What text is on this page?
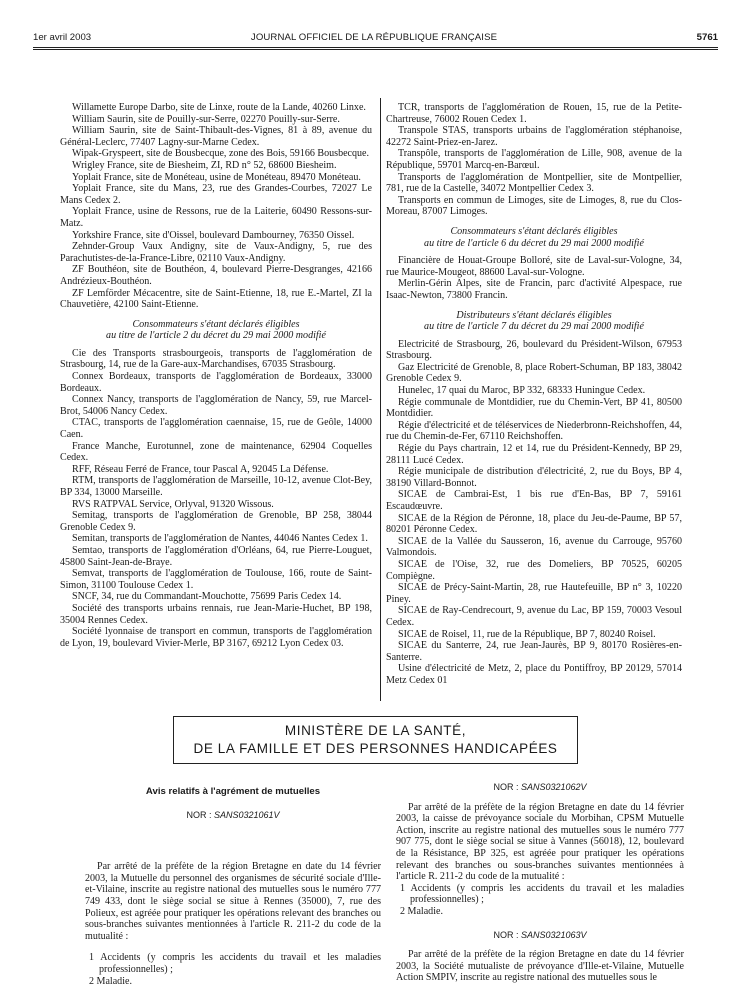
1er avril 2003	JOURNAL OFFICIEL DE LA RÉPUBLIQUE FRANÇAISE	5761

Willamette Europe Darbo, site de Linxe, route de la Lande, 40260 Linxe.

William Saurin, site de Pouilly-sur-Serre, 02270 Pouilly-sur-Serre.

William Saurin, site de Saint-Thibault-des-Vignes, 81 à 89, avenue du Général-Leclerc, 77407 Lagny-sur-Marne Cedex.

Wipak-Gryspeert, site de Bousbecque, zone des Bois, 59166 Bousbecque.

Wrigley France, site de Biesheim, ZI, RD n° 52, 68600 Biesheim.

Yoplait France, site de Monéteau, usine de Monéteau, 89470 Monéteau.

Yoplait France, site du Mans, 23, rue des Grandes-Courbes, 72027 Le Mans Cedex 2.

Yoplait France, usine de Ressons, rue de la Laiterie, 60490 Ressons-sur-Matz.

Yorkshire France, site d'Oissel, boulevard Dambourney, 76350 Oissel.

Zehnder-Group Vaux Andigny, site de Vaux-Andigny, 5, rue des Parachutistes-de-la-France-Libre, 02110 Vaux-Andigny.

ZF Bouthéon, site de Bouthéon, 4, boulevard Pierre-Desgranges, 42166 Andrézieux-Bouthéon.

ZF Lemförder Mécacentre, site de Saint-Etienne, 18, rue E.-Martel, ZI la Chauvetière, 42100 Saint-Etienne.

Consommateurs s'étant déclarés éligibles

au titre de l'article 2 du décret du 29 mai 2000 modifié

Cie des Transports strasbourgeois, transports de l'agglomération de Strasbourg, 14, rue de la Gare-aux-Marchandises, 67035 Strasbourg.

Connex Bordeaux, transports de l'agglomération de Bordeaux, 33000 Bordeaux.

Connex Nancy, transports de l'agglomération de Nancy, 59, rue Marcel-Brot, 54006 Nancy Cedex.

CTAC, transports de l'agglomération caennaise, 15, rue de Geôle, 14000 Caen.

France Manche, Eurotunnel, zone de maintenance, 62904 Coquelles Cedex.

RFF, Réseau Ferré de France, tour Pascal A, 92045 La Défense.

RTM, transports de l'agglomération de Marseille, 10-12, avenue Clot-Bey, BP 334, 13000 Marseille.

RVS RATPVAL Service, Orlyval, 91320 Wissous.

Semitag, transports de l'agglomération de Grenoble, BP 258, 38044 Grenoble Cedex 9.

Semitan, transports de l'agglomération de Nantes, 44046 Nantes Cedex 1.

Semtao, transports de l'agglomération d'Orléans, 64, rue Pierre-Louguet, 45800 Saint-Jean-de-Braye.

Semvat, transports de l'agglomération de Toulouse, 166, route de Saint-Simon, 31100 Toulouse Cedex 1.

SNCF, 34, rue du Commandant-Mouchotte, 75699 Paris Cedex 14.

Société des transports urbains rennais, rue Jean-Marie-Huchet, BP 198, 35004 Rennes Cedex.

Société lyonnaise de transport en commun, transports de l'agglomération de Lyon, 19, boulevard Vivier-Merle, BP 3167, 69212 Lyon Cedex 03.

TCR, transports de l'agglomération de Rouen, 15, rue de la Petite-Chartreuse, 76002 Rouen Cedex 1.

Transpole STAS, transports urbains de l'agglomération stéphanoise, 42272 Saint-Priez-en-Jarez.

Transpôle, transports de l'agglomération de Lille, 908, avenue de la République, 59701 Marcq-en-Barœul.

Transports de l'agglomération de Montpellier, site de Montpellier, 781, rue de la Castelle, 34072 Montpellier Cedex 3.

Transports en commun de Limoges, site de Limoges, 8, rue du Clos-Moreau, 87007 Limoges.

Consommateurs s'étant déclarés éligibles

au titre de l'article 6 du décret du 29 mai 2000 modifié

Financière de Houat-Groupe Bolloré, site de Laval-sur-Vologne, 34, rue Maurice-Mougeot, 88600 Laval-sur-Vologne.

Merlin-Gérin Alpes, site de Francin, parc d'activité Alpespace, rue Isaac-Newton, 73800 Francin.

Distributeurs s'étant déclarés éligibles

au titre de l'article 7 du décret du 29 mai 2000 modifié

Electricité de Strasbourg, 26, boulevard du Président-Wilson, 67953 Strasbourg.

Gaz Electricité de Grenoble, 8, place Robert-Schuman, BP 183, 38042 Grenoble Cedex 9.

Hunelec, 17 quai du Maroc, BP 332, 68333 Huningue Cedex.

Régie communale de Montdidier, rue du Chemin-Vert, BP 41, 80500 Montdidier.

Régie d'électricité et de téléservices de Niederbronn-Reichshoffen, 44, rue du Chemin-de-Fer, 67110 Reichshoffen.

Régie du Pays chartrain, 12 et 14, rue du Président-Kennedy, BP 29, 28111 Lucé Cedex.

Régie municipale de distribution d'électricité, 2, rue du Boys, BP 4, 38190 Villard-Bonnot.

SICAE de Cambrai-Est, 1 bis rue d'En-Bas, BP 7, 59161 Escaudœuvre.

SICAE de la Région de Péronne, 18, place du Jeu-de-Paume, BP 57, 80201 Péronne Cedex.

SICAE de la Vallée du Sausseron, 16, avenue du Carrouge, 95760 Valmondois.

SICAE de l'Oise, 32, rue des Domeliers, BP 70525, 60205 Compiègne.

SICAE de Précy-Saint-Martin, 28, rue Hautefeuille, BP n° 3, 10220 Piney.

SICAE de Ray-Cendrecourt, 9, avenue du Lac, BP 159, 70003 Vesoul Cedex.

SICAE de Roisel, 11, rue de la République, BP 7, 80240 Roisel.

SICAE du Santerre, 24, rue Jean-Jaurès, BP 9, 80170 Rosières-en-Santerre.

Usine d'électricité de Metz, 2, place du Pontiffroy, BP 20129, 57014 Metz Cedex 01

MINISTÈRE DE LA SANTÉ,
DE LA FAMILLE ET DES PERSONNES HANDICAPÉES

Avis relatifs à l'agrément de mutuelles

NOR : SANS0321061V

Par arrêté de la préfète de la région Bretagne en date du 14 février 2003, la Mutuelle du personnel des organismes de sécurité sociale d'Ille-et-Vilaine, inscrite au registre national des mutuelles sous le numéro 777 749 433, dont le siège social se situe à Rennes (35000), 7, rue des Polieux, est agréée pour pratiquer les opérations relevant des branches ou sous-branches suivantes mentionnées à l'article R. 211-2 du code de la mutualité :

1 Accidents (y compris les accidents du travail et les maladies professionnelles) ;

2 Maladie.

NOR : SANS0321062V

Par arrêté de la préfète de la région Bretagne en date du 14 février 2003, la caisse de prévoyance sociale du Morbihan, CPSM Mutuelle Action, inscrite au registre national des mutuelles sous le numéro 777 907 775, dont le siège social se situe à Vannes (56018), 12, boulevard de la Résistance, BP 325, est agréée pour pratiquer les opérations relevant des branches ou sous-branches suivantes mentionnées à l'article R. 211-2 du code de la mutualité :

1 Accidents (y compris les accidents du travail et les maladies professionnelles) ;

2 Maladie.

NOR : SANS0321063V

Par arrêté de la préfète de la région Bretagne en date du 14 février 2003, la Société mutualiste de prévoyance d'Ille-et-Vilaine, Mutuelle Action SMPIV, inscrite au registre national des mutuelles sous le
